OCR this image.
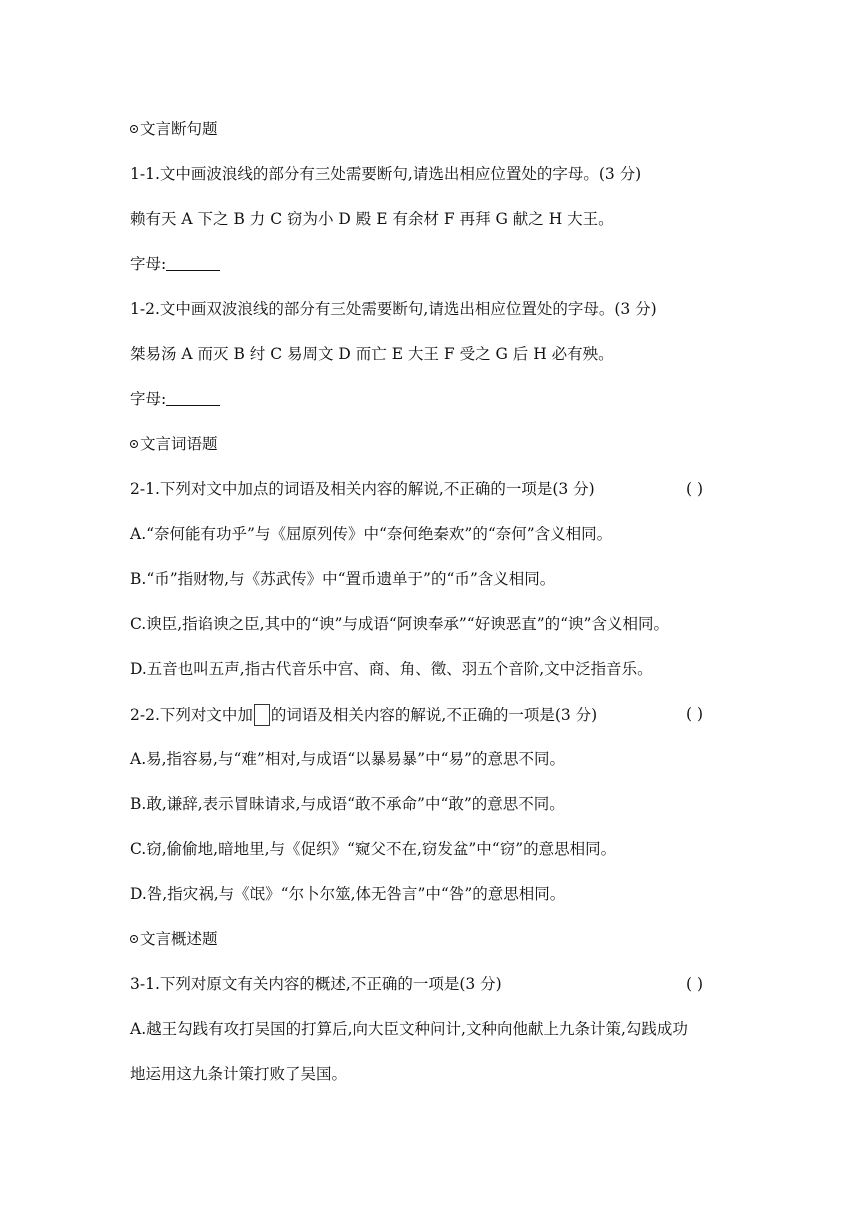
文言断句题
1-1.文中画波浪线的部分有三处需要断句,请选出相应位置处的字母。(3 分)
赖有天 A 下之 B 力 C 窃为小 D 殿 E 有余材 F 再拜 G 献之 H 大王。
字母:
1-2.文中画双波浪线的部分有三处需要断句,请选出相应位置处的字母。(3 分)
桀易汤 A 而灭 B 纣 C 易周文 D 而亡 E 大王 F 受之 G 后 H 必有殃。
字母:
文言词语题
2-1.下列对文中加点的词语及相关内容的解说,不正确的一项是(3 分)	( )
A.“奈何能有功乎”与《屈原列传》中“奈何绝秦欢”的“奈何”含义相同。
B.“币”指财物,与《苏武传》中“置币遗单于”的“币”含义相同。
C.谀臣,指谄谀之臣,其中的“谀”与成语“阿谀奉承”“好谀恶直”的“谀”含义相同。
D.五音也叫五声,指古代音乐中宫、商、角、徵、羽五个音阶,文中泛指音乐。
2-2.下列对文中加 的词语及相关内容的解说,不正确的一项是(3 分)	( )
A.易,指容易,与“难”相对,与成语“以暴易暴”中“易”的意思不同。
B.敢,谦辞,表示冒昧请求,与成语“敢不承命”中“敢”的意思不同。
C.窃,偷偷地,暗地里,与《促织》“窥父不在,窃发盆”中“窃”的意思相同。
D.咎,指灾祸,与《氓》“尔卜尔筮,体无咎言”中“咎”的意思相同。
文言概述题
3-1.下列对原文有关内容的概述,不正确的一项是(3 分)	( )
A.越王勾践有攻打吴国的打算后,向大臣文种问计,文种向他献上九条计策,勾践成功
地运用这九条计策打败了吴国。
